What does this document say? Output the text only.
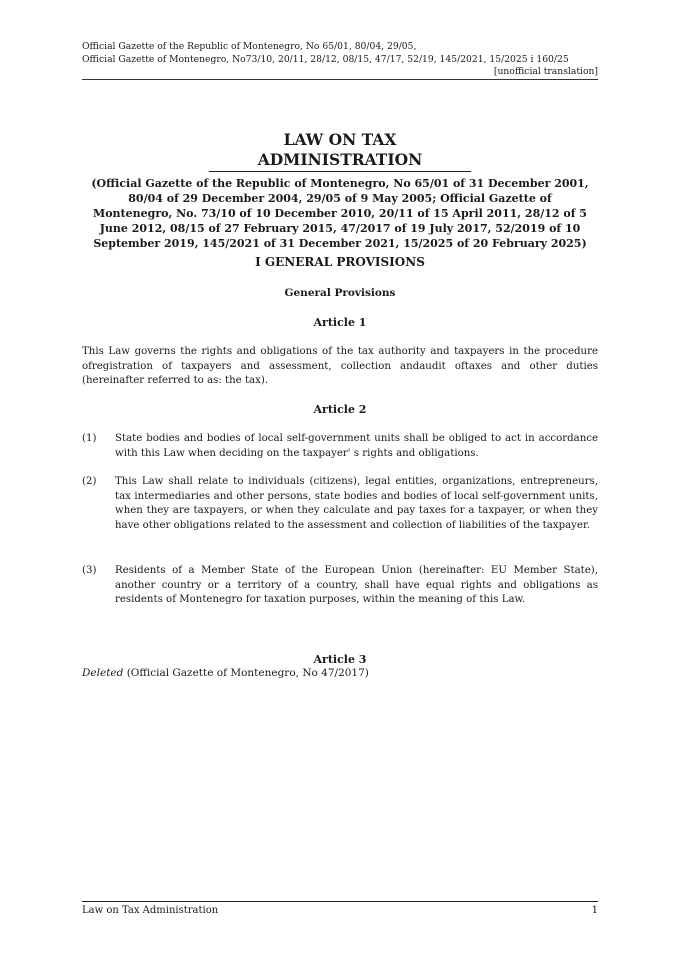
Official Gazette of the Republic of Montenegro, No 65/01, 80/04, 29/05,
Official Gazette of Montenegro, No73/10, 20/11, 28/12, 08/15, 47/17, 52/19, 145/2021, 15/2025 i 160/25
[unofficial translation]
LAW ON TAX ADMINISTRATION
(Official Gazette of the Republic of Montenegro, No 65/01 of 31 December 2001, 80/04 of 29 December 2004, 29/05 of 9 May 2005; Official Gazette of Montenegro, No. 73/10 of 10 December 2010, 20/11 of 15 April 2011, 28/12 of 5 June 2012, 08/15 of 27 February 2015, 47/2017 of 19 July 2017, 52/2019 of 10 September 2019, 145/2021 of 31 December 2021, 15/2025 of 20 February 2025)
I GENERAL PROVISIONS
General Provisions
Article 1
This Law governs the rights and obligations of the tax authority and taxpayers in the procedure ofregistration of taxpayers and assessment, collection andaudit oftaxes and other duties (hereinafter referred to as: the tax).
Article 2
(1)	State bodies and bodies of local self-government units shall be obliged to act in accordance with this Law when deciding on the taxpayer' s rights and obligations.
(2)	This Law shall relate to individuals (citizens), legal entities, organizations, entrepreneurs, tax intermediaries and other persons, state bodies and bodies of local self-government units, when they are taxpayers, or when they calculate and pay taxes for a taxpayer, or when they have other obligations related to the assessment and collection of liabilities of the taxpayer.
(3)	Residents of a Member State of the European Union (hereinafter: EU Member State), another country or a territory of a country, shall have equal rights and obligations as residents of Montenegro for taxation purposes, within the meaning of this Law.
Article 3
Deleted (Official Gazette of Montenegro, No 47/2017)
Law on Tax Administration	1
